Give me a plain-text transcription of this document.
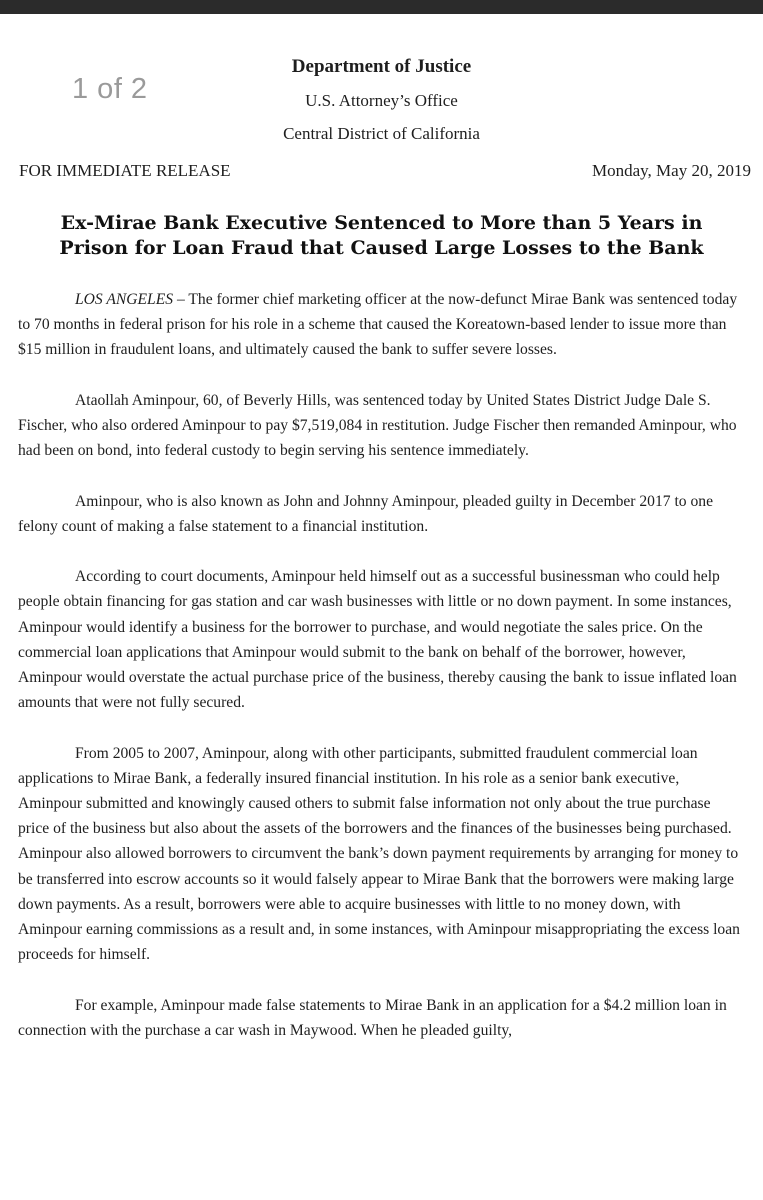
1 of 2
Department of Justice
U.S. Attorney’s Office
Central District of California
FOR IMMEDIATE RELEASE	Monday, May 20, 2019
Ex-Mirae Bank Executive Sentenced to More than 5 Years in
Prison for Loan Fraud that Caused Large Losses to the Bank

LOS ANGELES – The former chief marketing officer at the now-defunct Mirae Bank was sentenced today to 70 months in federal prison for his role in a scheme that caused the Koreatown-based lender to issue more than $15 million in fraudulent loans, and ultimately caused the bank to suffer severe losses.

Ataollah Aminpour, 60, of Beverly Hills, was sentenced today by United States District Judge Dale S. Fischer, who also ordered Aminpour to pay $7,519,084 in restitution. Judge Fischer then remanded Aminpour, who had been on bond, into federal custody to begin serving his sentence immediately.

Aminpour, who is also known as John and Johnny Aminpour, pleaded guilty in December 2017 to one felony count of making a false statement to a financial institution.

According to court documents, Aminpour held himself out as a successful businessman who could help people obtain financing for gas station and car wash businesses with little or no down payment. In some instances, Aminpour would identify a business for the borrower to purchase, and would negotiate the sales price. On the commercial loan applications that Aminpour would submit to the bank on behalf of the borrower, however, Aminpour would overstate the actual purchase price of the business, thereby causing the bank to issue inflated loan amounts that were not fully secured.

From 2005 to 2007, Aminpour, along with other participants, submitted fraudulent commercial loan applications to Mirae Bank, a federally insured financial institution. In his role as a senior bank executive, Aminpour submitted and knowingly caused others to submit false information not only about the true purchase price of the business but also about the assets of the borrowers and the finances of the businesses being purchased. Aminpour also allowed borrowers to circumvent the bank’s down payment requirements by arranging for money to be transferred into escrow accounts so it would falsely appear to Mirae Bank that the borrowers were making large down payments. As a result, borrowers were able to acquire businesses with little to no money down, with Aminpour earning commissions as a result and, in some instances, with Aminpour misappropriating the excess loan proceeds for himself.

For example, Aminpour made false statements to Mirae Bank in an application for a $4.2 million loan in connection with the purchase a car wash in Maywood. When he pleaded guilty,
